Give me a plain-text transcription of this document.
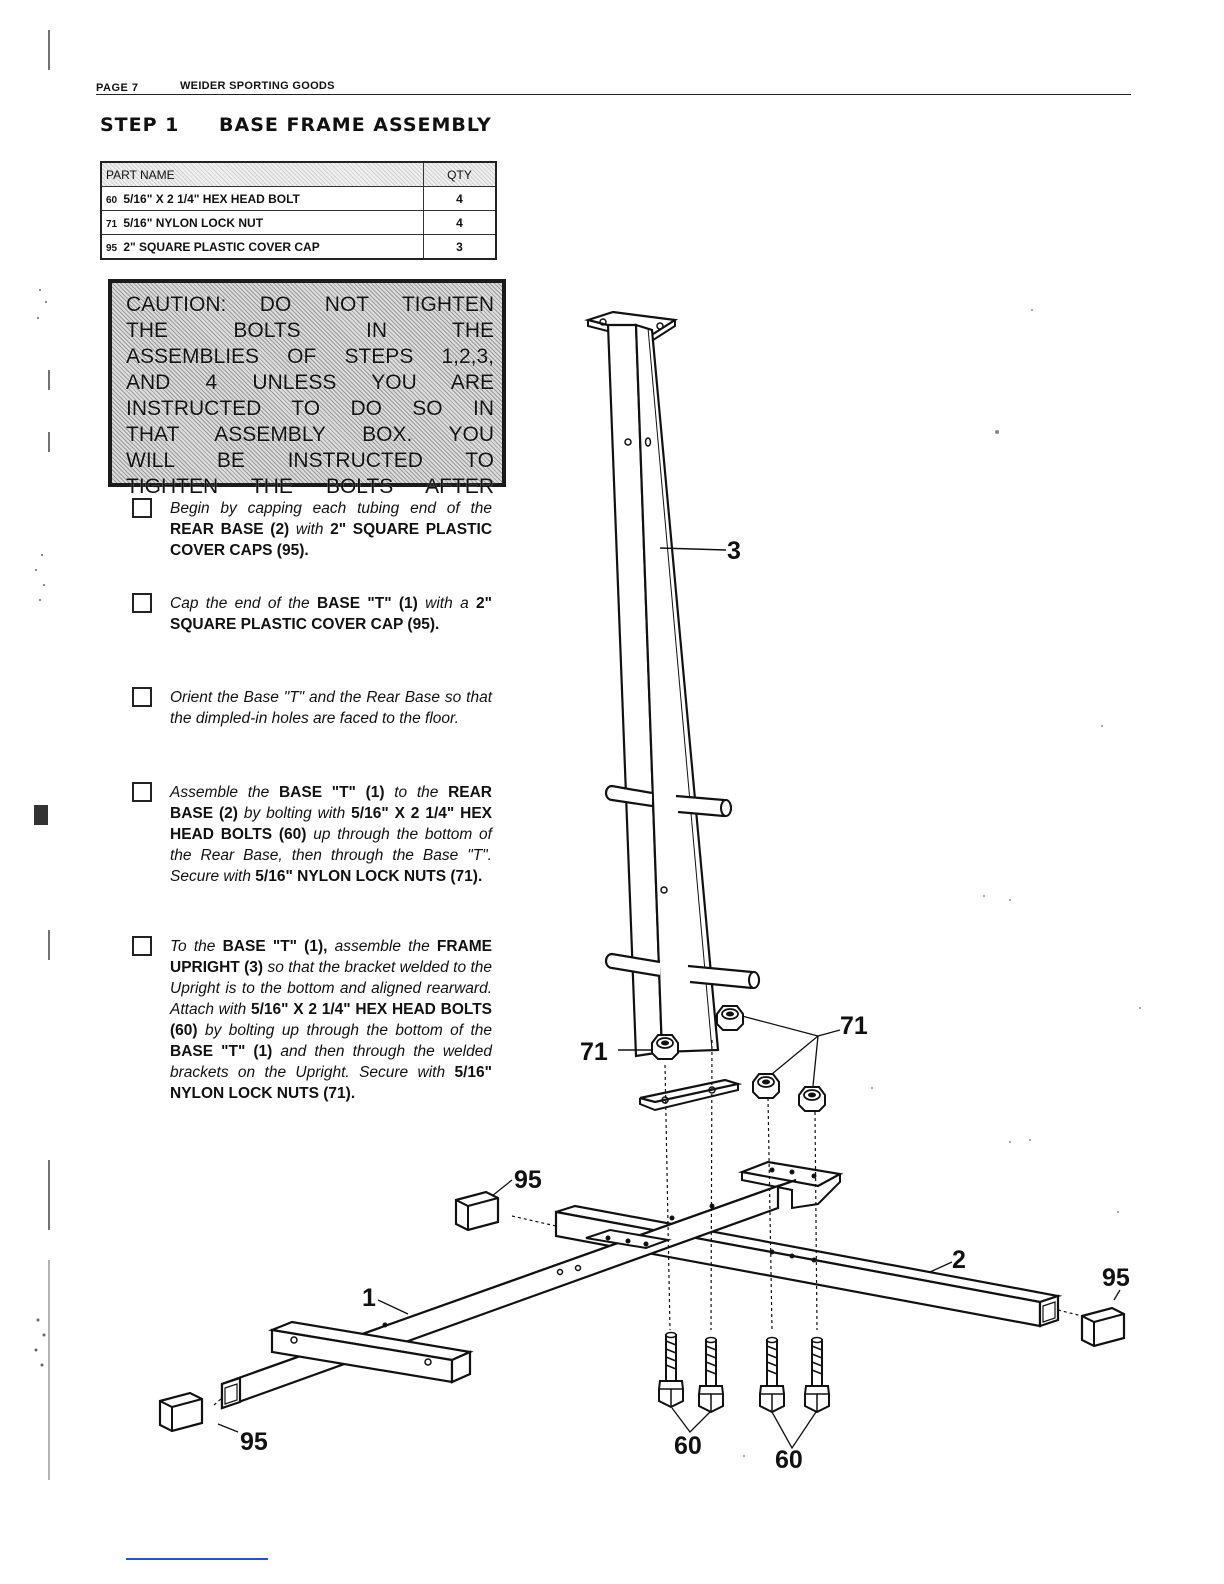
PAGE 7	WEIDER SPORTING GOODS
STEP 1 BASE FRAME ASSEMBLY
PART NAME	QTY
60 5/16" X 2 1/4" HEX HEAD BOLT	4
71 5/16" NYLON LOCK NUT	4
95 2" SQUARE PLASTIC COVER CAP	3
CAUTION: DO NOT TIGHTEN
THE BOLTS IN THE
ASSEMBLIES OF STEPS 1,2,3,
AND 4 UNLESS YOU ARE
INSTRUCTED TO DO SO IN
THAT ASSEMBLY BOX. YOU
WILL BE INSTRUCTED TO
TIGHTEN THE BOLTS AFTER
Begin by capping each tubing end of the REAR BASE (2) with 2" SQUARE PLASTIC COVER CAPS (95).
Cap the end of the BASE "T" (1) with a 2" SQUARE PLASTIC COVER CAP (95).
Orient the Base "T" and the Rear Base so that the dimpled-in holes are faced to the floor.
Assemble the BASE "T" (1) to the REAR BASE (2) by bolting with 5/16" X 2 1/4" HEX HEAD BOLTS (60) up through the bottom of the Rear Base, then through the Base "T". Secure with 5/16" NYLON LOCK NUTS (71).
To the BASE "T" (1), assemble the FRAME UPRIGHT (3) so that the bracket welded to the Upright is to the bottom and aligned rearward. Attach with 5/16" X 2 1/4" HEX HEAD BOLTS (60) by bolting up through the bottom of the BASE "T" (1) and then through the welded brackets on the Upright. Secure with 5/16" NYLON LOCK NUTS (71).
3
71
71
60	60
95
95
95
1
2
